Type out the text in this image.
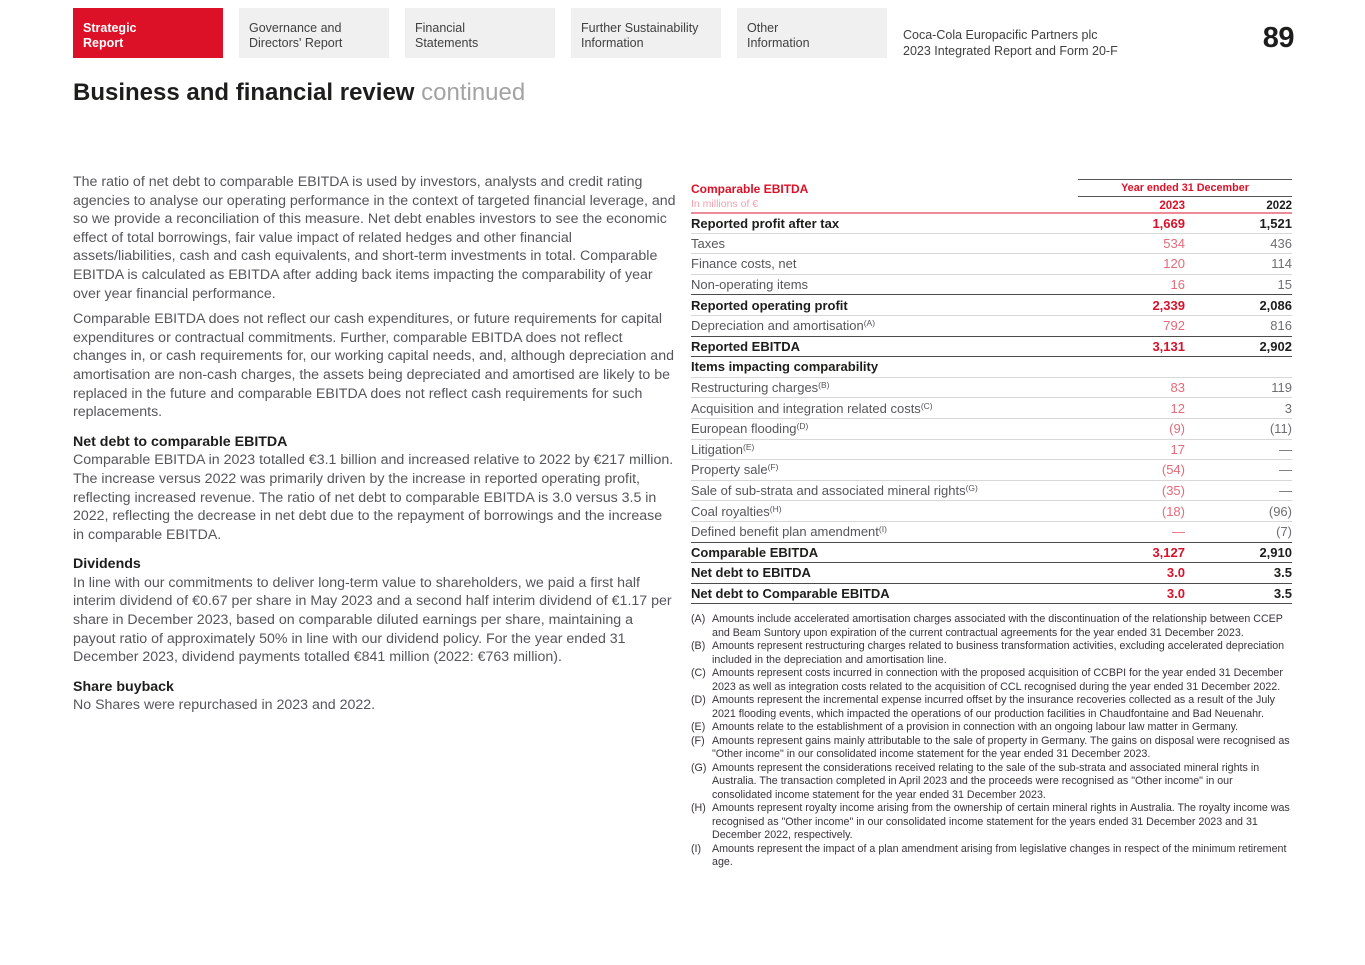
Strategic
Report
Governance and
Directors' Report
Financial
Statements
Further Sustainability
Information
Other
Information
Coca-Cola Europacific Partners plc
2023 Integrated Report and Form 20-F	89
Business and financial review continued

The ratio of net debt to comparable EBITDA is used by investors, analysts and credit rating agencies to analyse our operating performance in the context of targeted financial leverage, and so we provide a reconciliation of this measure. Net debt enables investors to see the economic effect of total borrowings, fair value impact of related hedges and other financial assets/liabilities, cash and cash equivalents, and short-term investments in total. Comparable EBITDA is calculated as EBITDA after adding back items impacting the comparability of year over year financial performance.

Comparable EBITDA does not reflect our cash expenditures, or future requirements for capital expenditures or contractual commitments. Further, comparable EBITDA does not reflect changes in, or cash requirements for, our working capital needs, and, although depreciation and amortisation are non-cash charges, the assets being depreciated and amortised are likely to be replaced in the future and comparable EBITDA does not reflect cash requirements for such replacements.

Net debt to comparable EBITDA

Comparable EBITDA in 2023 totalled €3.1 billion and increased relative to 2022 by €217 million. The increase versus 2022 was primarily driven by the increase in reported operating profit, reflecting increased revenue. The ratio of net debt to comparable EBITDA is 3.0 versus 3.5 in 2022, reflecting the decrease in net debt due to the repayment of borrowings and the increase in comparable EBITDA.

Dividends

In line with our commitments to deliver long-term value to shareholders, we paid a first half interim dividend of €0.67 per share in May 2023 and a second half interim dividend of €1.17 per share in December 2023, based on comparable diluted earnings per share, maintaining a payout ratio of approximately 50% in line with our dividend policy. For the year ended 31 December 2023, dividend payments totalled €841 million (2022: €763 million).

Share buyback

No Shares were repurchased in 2023 and 2022.

Comparable EBITDA
In millions of €
Year ended 31 December
2023	2022
Reported profit after tax	1,669	1,521
Taxes	534	436
Finance costs, net	120	114
Non-operating items	16	15
Reported operating profit	2,339	2,086
Depreciation and amortisation$^{(A)}$	792	816
Reported EBITDA	3,131	2,902
Items impacting comparability
Restructuring charges$^{(B)}$	83	119
Acquisition and integration related costs$^{(C)}$	12	3
European flooding$^{(D)}$	(9)	(11)
Litigation$^{(E)}$	17	—
Property sale$^{(F)}$	(54)	—
Sale of sub-strata and associated mineral rights$^{(G)}$	(35)	—
Coal royalties$^{(H)}$	(18)	(96)
Defined benefit plan amendment$^{(I)}$	—	(7)
Comparable EBITDA	3,127	2,910
Net debt to EBITDA	3.0	3.5
Net debt to Comparable EBITDA	3.0	3.5
(A) Amounts include accelerated amortisation charges associated with the discontinuation of the relationship between CCEP and Beam Suntory upon expiration of the current contractual agreements for the year ended 31 December 2023.
(B) Amounts represent restructuring charges related to business transformation activities, excluding accelerated depreciation included in the depreciation and amortisation line.
(C) Amounts represent costs incurred in connection with the proposed acquisition of CCBPI for the year ended 31 December 2023 as well as integration costs related to the acquisition of CCL recognised during the year ended 31 December 2022.
(D) Amounts represent the incremental expense incurred offset by the insurance recoveries collected as a result of the July 2021 flooding events, which impacted the operations of our production facilities in Chaudfontaine and Bad Neuenahr.
(E) Amounts relate to the establishment of a provision in connection with an ongoing labour law matter in Germany.
(F) Amounts represent gains mainly attributable to the sale of property in Germany. The gains on disposal were recognised as "Other income" in our consolidated income statement for the year ended 31 December 2023.
(G) Amounts represent the considerations received relating to the sale of the sub-strata and associated mineral rights in Australia. The transaction completed in April 2023 and the proceeds were recognised as "Other income" in our consolidated income statement for the year ended 31 December 2023.
(H) Amounts represent royalty income arising from the ownership of certain mineral rights in Australia. The royalty income was recognised as "Other income" in our consolidated income statement for the years ended 31 December 2023 and 31 December 2022, respectively.
(I)	Amounts represent the impact of a plan amendment arising from legislative changes in respect of the minimum retirement age.
